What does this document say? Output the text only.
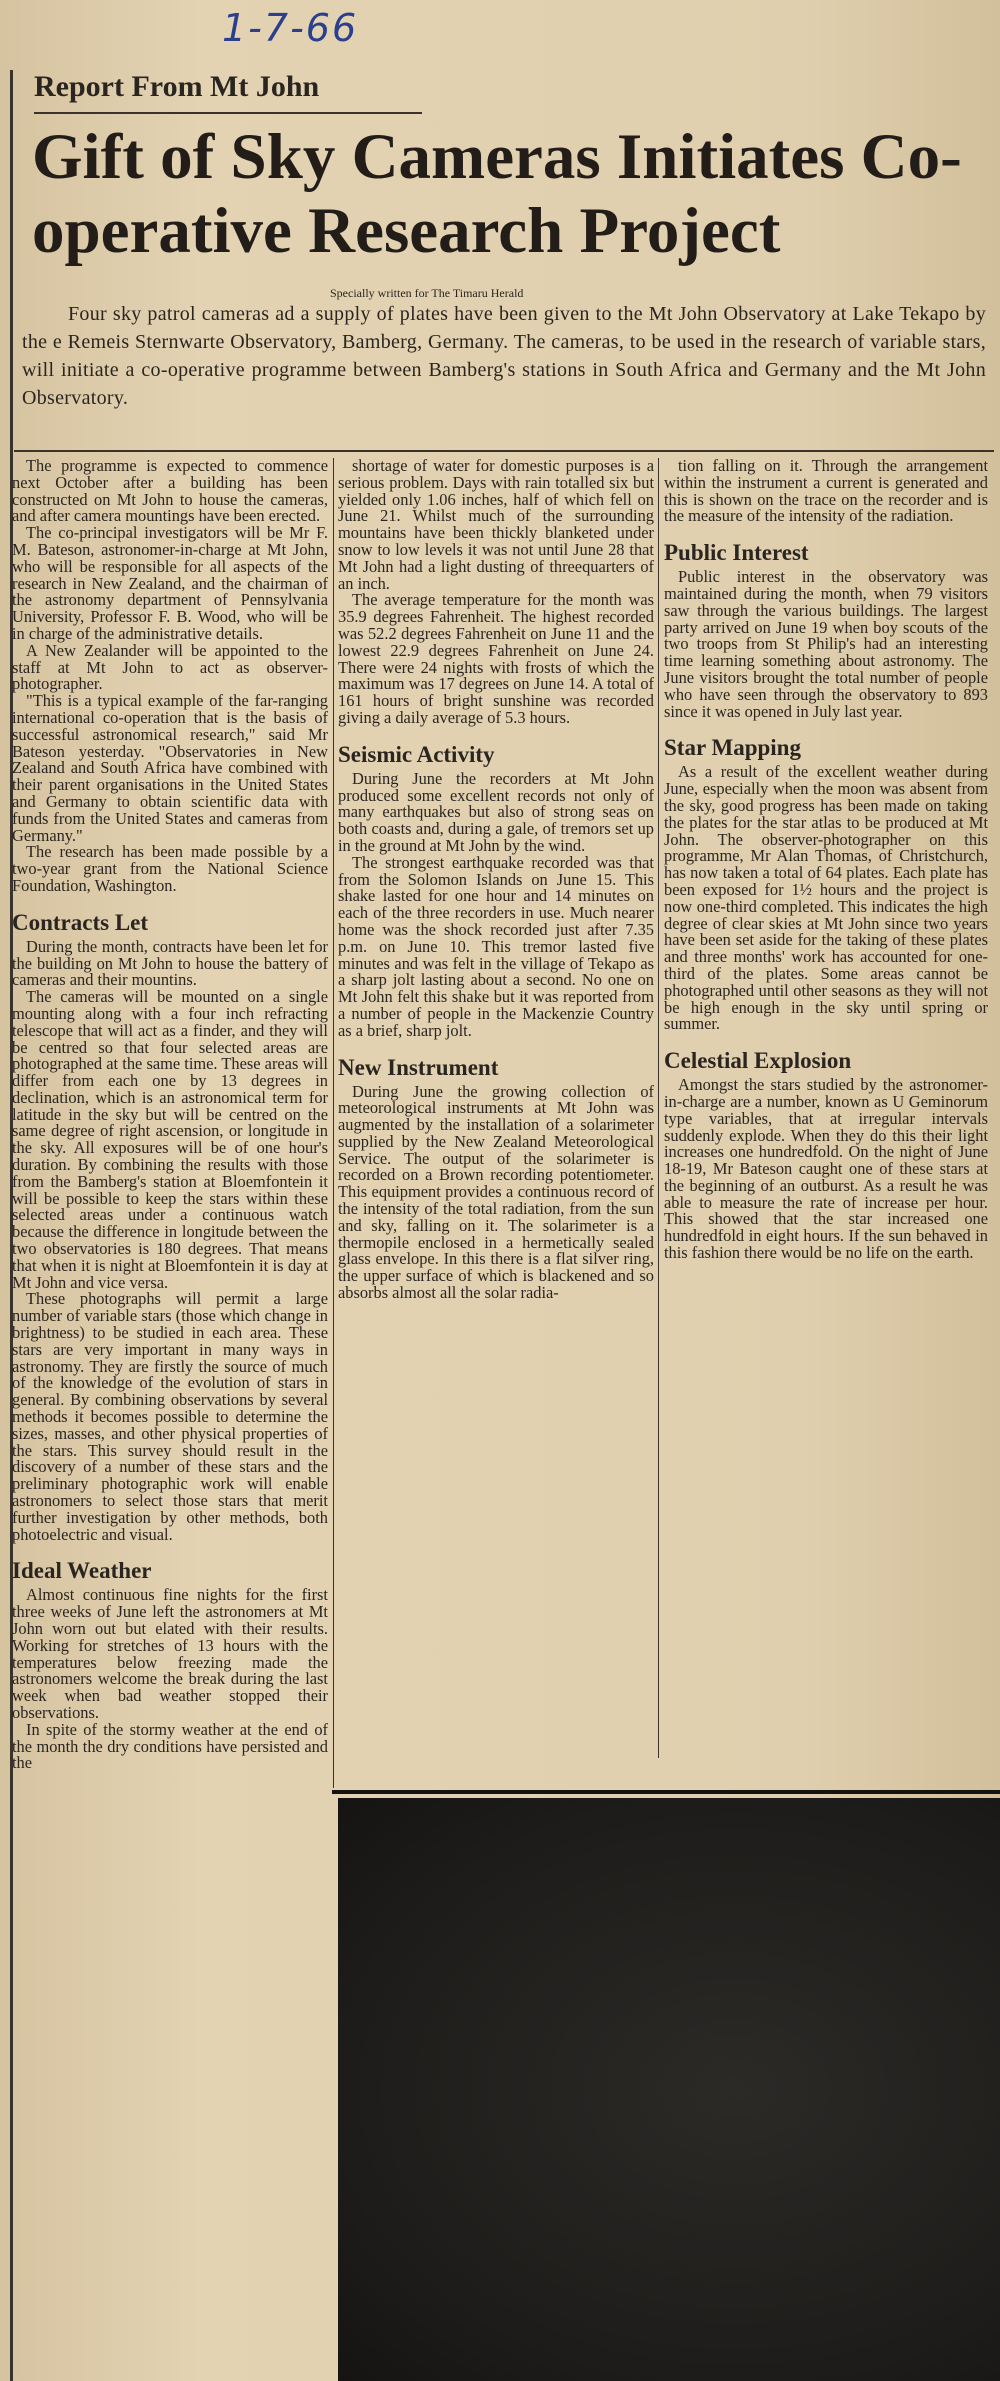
1-7-66
Report From Mt John
Gift of Sky Cameras Initiates Co-operative Research Project
Specially written for The Timaru Herald

Four sky patrol cameras ad a supply of plates have been given to the Mt John Observatory at Lake Tekapo by the e Remeis Sternwarte Observatory, Bamberg, Germany. The cameras, to be used in the research of variable stars, will initiate a co-operative programme between Bamberg's stations in South Africa and Germany and the Mt John Observatory.

The programme is expected to commence next October after a building has been constructed on Mt John to house the cameras, and after camera mountings have been erected.

The co-principal investigators will be Mr F. M. Bateson, astronomer-in-charge at Mt John, who will be responsible for all aspects of the research in New Zealand, and the chairman of the astronomy department of Pennsylvania University, Professor F. B. Wood, who will be in charge of the administrative details.

A New Zealander will be appointed to the staff at Mt John to act as observer-photographer.

"This is a typical example of the far-ranging international co-operation that is the basis of successful astronomical research," said Mr Bateson yesterday. "Observatories in New Zealand and South Africa have combined with their parent organisations in the United States and Germany to obtain scientific data with funds from the United States and cameras from Germany."

The research has been made possible by a two-year grant from the National Science Foundation, Washington.

Contracts Let

During the month, contracts have been let for the building on Mt John to house the battery of cameras and their mountins.

The cameras will be mounted on a single mounting along with a four inch refracting telescope that will act as a finder, and they will be centred so that four selected areas are photographed at the same time. These areas will differ from each one by 13 degrees in declination, which is an astronomical term for latitude in the sky but will be centred on the same degree of right ascension, or longitude in the sky. All exposures will be of one hour's duration. By combining the results with those from the Bamberg's station at Bloemfontein it will be possible to keep the stars within these selected areas under a continuous watch because the difference in longitude between the two observatories is 180 degrees. That means that when it is night at Bloemfontein it is day at Mt John and vice versa.

These photographs will permit a large number of variable stars (those which change in brightness) to be studied in each area. These stars are very important in many ways in astronomy. They are firstly the source of much of the knowledge of the evolution of stars in general. By combining observations by several methods it becomes possible to determine the sizes, masses, and other physical properties of the stars. This survey should result in the discovery of a number of these stars and the preliminary photographic work will enable astronomers to select those stars that merit further investigation by other methods, both photoelectric and visual.

Ideal Weather

Almost continuous fine nights for the first three weeks of June left the astronomers at Mt John worn out but elated with their results. Working for stretches of 13 hours with the temperatures below freezing made the astronomers welcome the break during the last week when bad weather stopped their observations.

In spite of the stormy weather at the end of the month the dry conditions have persisted and the

shortage of water for domestic purposes is a serious problem. Days with rain totalled six but yielded only 1.06 inches, half of which fell on June 21. Whilst much of the surrounding mountains have been thickly blanketed under snow to low levels it was not until June 28 that Mt John had a light dusting of threequarters of an inch.

The average temperature for the month was 35.9 degrees Fahrenheit. The highest recorded was 52.2 degrees Fahrenheit on June 11 and the lowest 22.9 degrees Fahrenheit on June 24. There were 24 nights with frosts of which the maximum was 17 degrees on June 14. A total of 161 hours of bright sunshine was recorded giving a daily average of 5.3 hours.

Seismic Activity

During June the recorders at Mt John produced some excellent records not only of many earthquakes but also of strong seas on both coasts and, during a gale, of tremors set up in the ground at Mt John by the wind.

The strongest earthquake recorded was that from the Solomon Islands on June 15. This shake lasted for one hour and 14 minutes on each of the three recorders in use. Much nearer home was the shock recorded just after 7.35 p.m. on June 10. This tremor lasted five minutes and was felt in the village of Tekapo as a sharp jolt lasting about a second. No one on Mt John felt this shake but it was reported from a number of people in the Mackenzie Country as a brief, sharp jolt.

New Instrument

During June the growing collection of meteorological instruments at Mt John was augmented by the installation of a solarimeter supplied by the New Zealand Meteorological Service. The output of the solarimeter is recorded on a Brown recording potentiometer. This equipment provides a continuous record of the intensity of the total radiation, from the sun and sky, falling on it. The solarimeter is a thermopile enclosed in a hermetically sealed glass envelope. In this there is a flat silver ring, the upper surface of which is blackened and so absorbs almost all the solar radia-

tion falling on it. Through the arrangement within the instrument a current is generated and this is shown on the trace on the recorder and is the measure of the intensity of the radiation.

Public Interest

Public interest in the observatory was maintained during the month, when 79 visitors saw through the various buildings. The largest party arrived on June 19 when boy scouts of the two troops from St Philip's had an interesting time learning something about astronomy. The June visitors brought the total number of people who have seen through the observatory to 893 since it was opened in July last year.

Star Mapping

As a result of the excellent weather during June, especially when the moon was absent from the sky, good progress has been made on taking the plates for the star atlas to be produced at Mt John. The observer-photographer on this programme, Mr Alan Thomas, of Christchurch, has now taken a total of 64 plates. Each plate has been exposed for 1½ hours and the project is now one-third completed. This indicates the high degree of clear skies at Mt John since two years have been set aside for the taking of these plates and three months' work has accounted for one-third of the plates. Some areas cannot be photographed until other seasons as they will not be high enough in the sky until spring or summer.

Celestial Explosion

Amongst the stars studied by the astronomer-in-charge are a number, known as U Geminorum type variables, that at irregular intervals suddenly explode. When they do this their light increases one hundredfold. On the night of June 18-19, Mr Bateson caught one of these stars at the beginning of an outburst. As a result he was able to measure the rate of increase per hour. This showed that the star increased one hundredfold in eight hours. If the sun behaved in this fashion there would be no life on the earth.
